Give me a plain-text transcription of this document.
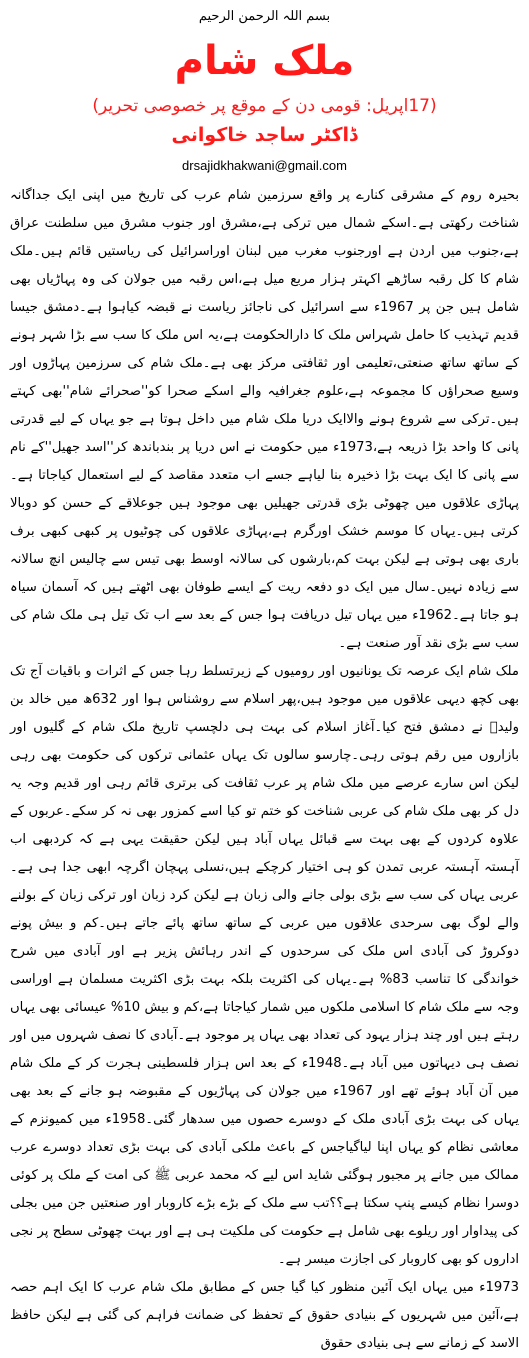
بسم اللہ الرحمن الرحیم
ملک شام
(17اپریل: قومی دن کے موقع پر خصوصی تحریر)
ڈاکٹر ساجد خاکوانی
drsajidkhakwani@gmail.com

بحیرہ روم کے مشرقی کنارے پر واقع سرزمین شام عرب کی تاریخ میں اپنی ایک جداگانہ شناخت رکھتی ہے۔اسکے شمال میں ترکی ہے،مشرق اور جنوب مشرق میں سلطنت عراق ہے،جنوب میں اردن ہے اورجنوب مغرب میں لبنان اوراسرائیل کی ریاستیں قائم ہیں۔ملک شام کا کل رقبہ ساڑھے اکہتر ہزار مربع میل ہے،اس رقبہ میں جولان کی وہ پہاڑیاں بھی شامل ہیں جن پر 1967ء سے اسرائیل کی ناجائز ریاست نے قبضہ کیاہوا ہے۔دمشق جیسا قدیم تہذیب کا حامل شہراس ملک کا دارالحکومت ہے،یہ اس ملک کا سب سے بڑا شہر ہونے کے ساتھ ساتھ صنعتی،تعلیمی اور ثقافتی مرکز بھی ہے۔ملک شام کی سرزمین پہاڑوں اور وسیع صحراؤں کا مجموعہ ہے،علوم جغرافیہ والے اسکے صحرا کو''صحرائے شام''بھی کہتے ہیں۔ترکی سے شروع ہونے والاایک دریا ملک شام میں داخل ہوتا ہے جو یہاں کے لیے قدرتی پانی کا واحد بڑا ذریعہ ہے،1973ء میں حکومت نے اس دریا پر بندباندھ کر''اسد جھیل''کے نام سے پانی کا ایک بہت بڑا ذخیرہ بنا لیاہے جسے اب متعدد مقاصد کے لیے استعمال کیاجاتا ہے۔پہاڑی علاقوں میں چھوٹی بڑی قدرتی جھیلیں بھی موجود ہیں جوعلاقے کے حسن کو دوبالا کرتی ہیں۔یہاں کا موسم خشک اورگرم ہے،پہاڑی علاقوں کی چوٹیوں پر کبھی کبھی برف باری بھی ہوتی ہے لیکن بہت کم،بارشوں کی سالانہ اوسط بھی تیس سے چالیس انچ سالانہ سے زیادہ نہیں۔سال میں ایک دو دفعہ ریت کے ایسے طوفان بھی اٹھتے ہیں کہ آسمان سیاہ ہو جاتا ہے۔1962ء میں یہاں تیل دریافت ہوا جس کے بعد سے اب تک تیل ہی ملک شام کی سب سے بڑی نقد آور صنعت ہے۔

ملک شام ایک عرصہ تک یونانیوں اور رومیوں کے زیرتسلط رہا جس کے اثرات و باقیات آج تک بھی کچھ دیہی علاقوں میں موجود ہیں،پھر اسلام سے روشناس ہوا اور 632ھ میں خالد بن ولیدؓ نے دمشق فتح کیا۔آغاز اسلام کی بہت ہی دلچسپ تاریخ ملک شام کے گلیوں اور بازاروں میں رقم ہوتی رہی۔چارسو سالوں تک یہاں عثمانی ترکوں کی حکومت بھی رہی لیکن اس سارے عرصے میں ملک شام پر عرب ثقافت کی برتری قائم رہی اور قدیم وجہ یہ دل کر بھی ملک شام کی عربی شناخت کو ختم تو کیا اسے کمزور بھی نہ کر سکے۔عربوں کے علاوہ کردوں کے بھی بہت سے قبائل یہاں آباد ہیں لیکن حقیقت یہی ہے کہ کردبھی اب آہستہ آہستہ عربی تمدن کو ہی اختیار کرچکے ہیں،نسلی پہچان اگرچہ ابھی جدا ہی ہے۔عربی یہاں کی سب سے بڑی بولی جانے والی زبان ہے لیکن کرد زبان اور ترکی زبان کے بولنے والے لوگ بھی سرحدی علاقوں میں عربی کے ساتھ ساتھ پائے جاتے ہیں۔کم و بیش پونے دوکروڑ کی آبادی اس ملک کی سرحدوں کے اندر رہائش پزیر ہے اور آبادی میں شرح خواندگی کا تناسب 83% ہے۔یہاں کی اکثریت بلکہ بہت بڑی اکثریت مسلمان ہے اوراسی وجہ سے ملک شام کا اسلامی ملکوں میں شمار کیاجاتا ہے،کم و بیش 10% عیسائی بھی یہاں رہتے ہیں اور چند ہزار یہود کی تعداد بھی یہاں پر موجود ہے۔آبادی کا نصف شہروں میں اور نصف ہی دیہاتوں میں آباد ہے۔1948ء کے بعد اس ہزار فلسطینی ہجرت کر کے ملک شام میں آن آباد ہوئے تھے اور 1967ء میں جولان کی پہاڑیوں کے مقبوضہ ہو جانے کے بعد بھی یہاں کی بہت بڑی آبادی ملک کے دوسرے حصوں میں سدھار گئی۔1958ء میں کمیونزم کے معاشی نظام کو یہاں اپنا لیاگیاجس کے باعث ملکی آبادی کی بہت بڑی تعداد دوسرے عرب ممالک میں جانے پر مجبور ہوگئی شاید اس لیے کہ محمد عربی ﷺ کی امت کے ملک پر کوئی دوسرا نظام کیسے پنپ سکتا ہے؟؟تب سے ملک کے بڑے بڑے کاروبار اور صنعتیں جن میں بجلی کی پیداوار اور ریلوے بھی شامل ہے حکومت کی ملکیت ہی ہے اور بہت چھوٹی سطح پر نجی اداروں کو بھی کاروبار کی اجازت میسر ہے۔

1973ء میں یہاں ایک آئین منظور کیا گیا جس کے مطابق ملک شام عرب کا ایک اہم حصہ ہے،آئین میں شہریوں کے بنیادی حقوق کے تحفظ کی ضمانت فراہم کی گئی ہے لیکن حافظ الاسد کے زمانے سے ہی بنیادی حقوق
